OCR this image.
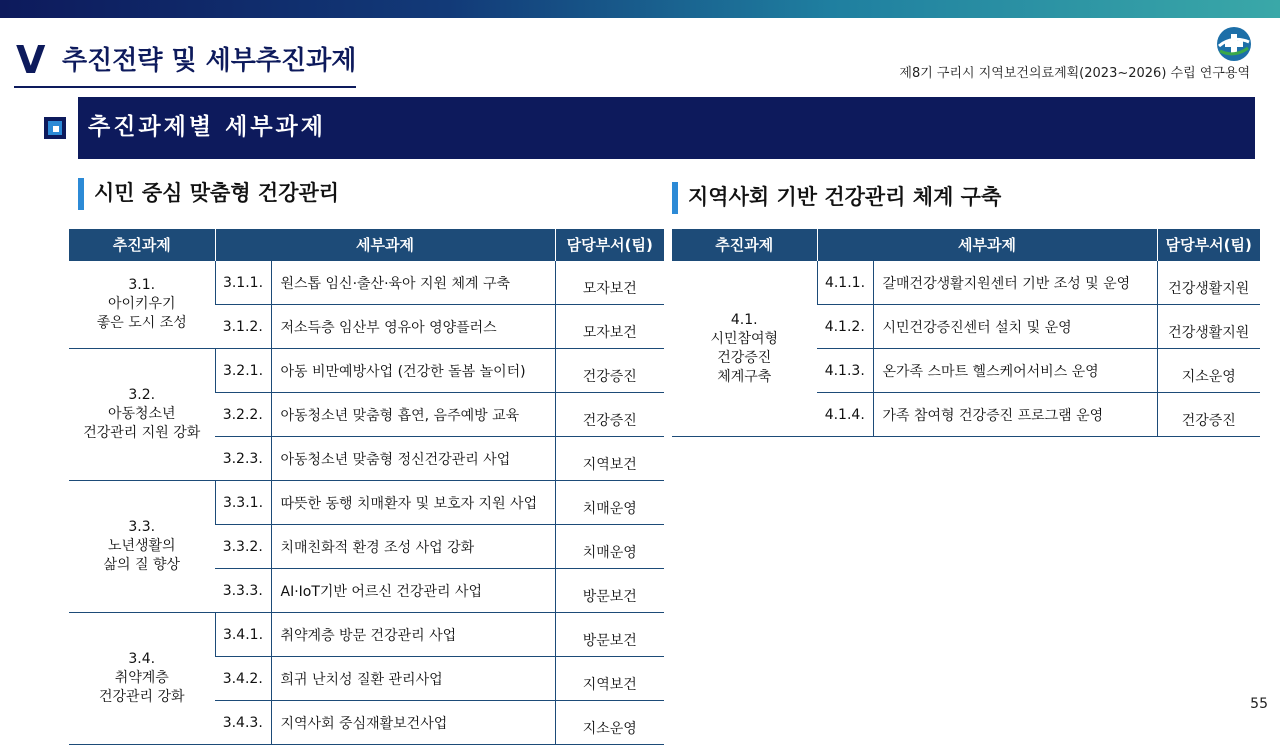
V 추진전략 및 세부추진과제	제8기 구리시 지역보건의료계획(2023~2026) 수립 연구용역
추진과제별 세부과제
시민 중심 맞춤형 건강관리	지역사회 기반 건강관리 체계 구축
추진과제	세부과제		담당부서(팀)

3.1.
아이키우기
좋은 도시 조성	3.1.1.	원스톱 임신·출산·육아 지원 체계 구축	모자보건
	3.1.2.	저소득층 임산부 영유아 영양플러스	모자보건

3.2.
아동청소년
건강관리 지원 강화	3.2.1.	아동 비만예방사업 (건강한 돌봄 놀이터)	건강증진
	3.2.2.	아동청소년 맞춤형 흡연, 음주예방 교육	건강증진
	3.2.3.	아동청소년 맞춤형 정신건강관리 사업	지역보건

3.3.
노년생활의
삶의 질 향상	3.3.1.	따뜻한 동행 치매환자 및 보호자 지원 사업	치매운영
	3.3.2.	치매친화적 환경 조성 사업 강화	치매운영
	3.3.3.	AI·IoT기반 어르신 건강관리 사업	방문보건

3.4.
취약계층
건강관리 강화	3.4.1.	취약계층 방문 건강관리 사업	방문보건
	3.4.2.	희귀 난치성 질환 관리사업	지역보건
	3.4.3.	지역사회 중심재활보건사업	지소운영
추진과제	세부과제		담당부서(팀)

4.1.
시민참여형
건강증진
체계구축	4.1.1.	갈매건강생활지원센터 기반 조성 및 운영	건강생활지원
	4.1.2.	시민건강증진센터 설치 및 운영	건강생활지원
	4.1.3.	온가족 스마트 헬스케어서비스 운영	지소운영
	4.1.4.	가족 참여형 건강증진 프로그램 운영	건강증진
55
